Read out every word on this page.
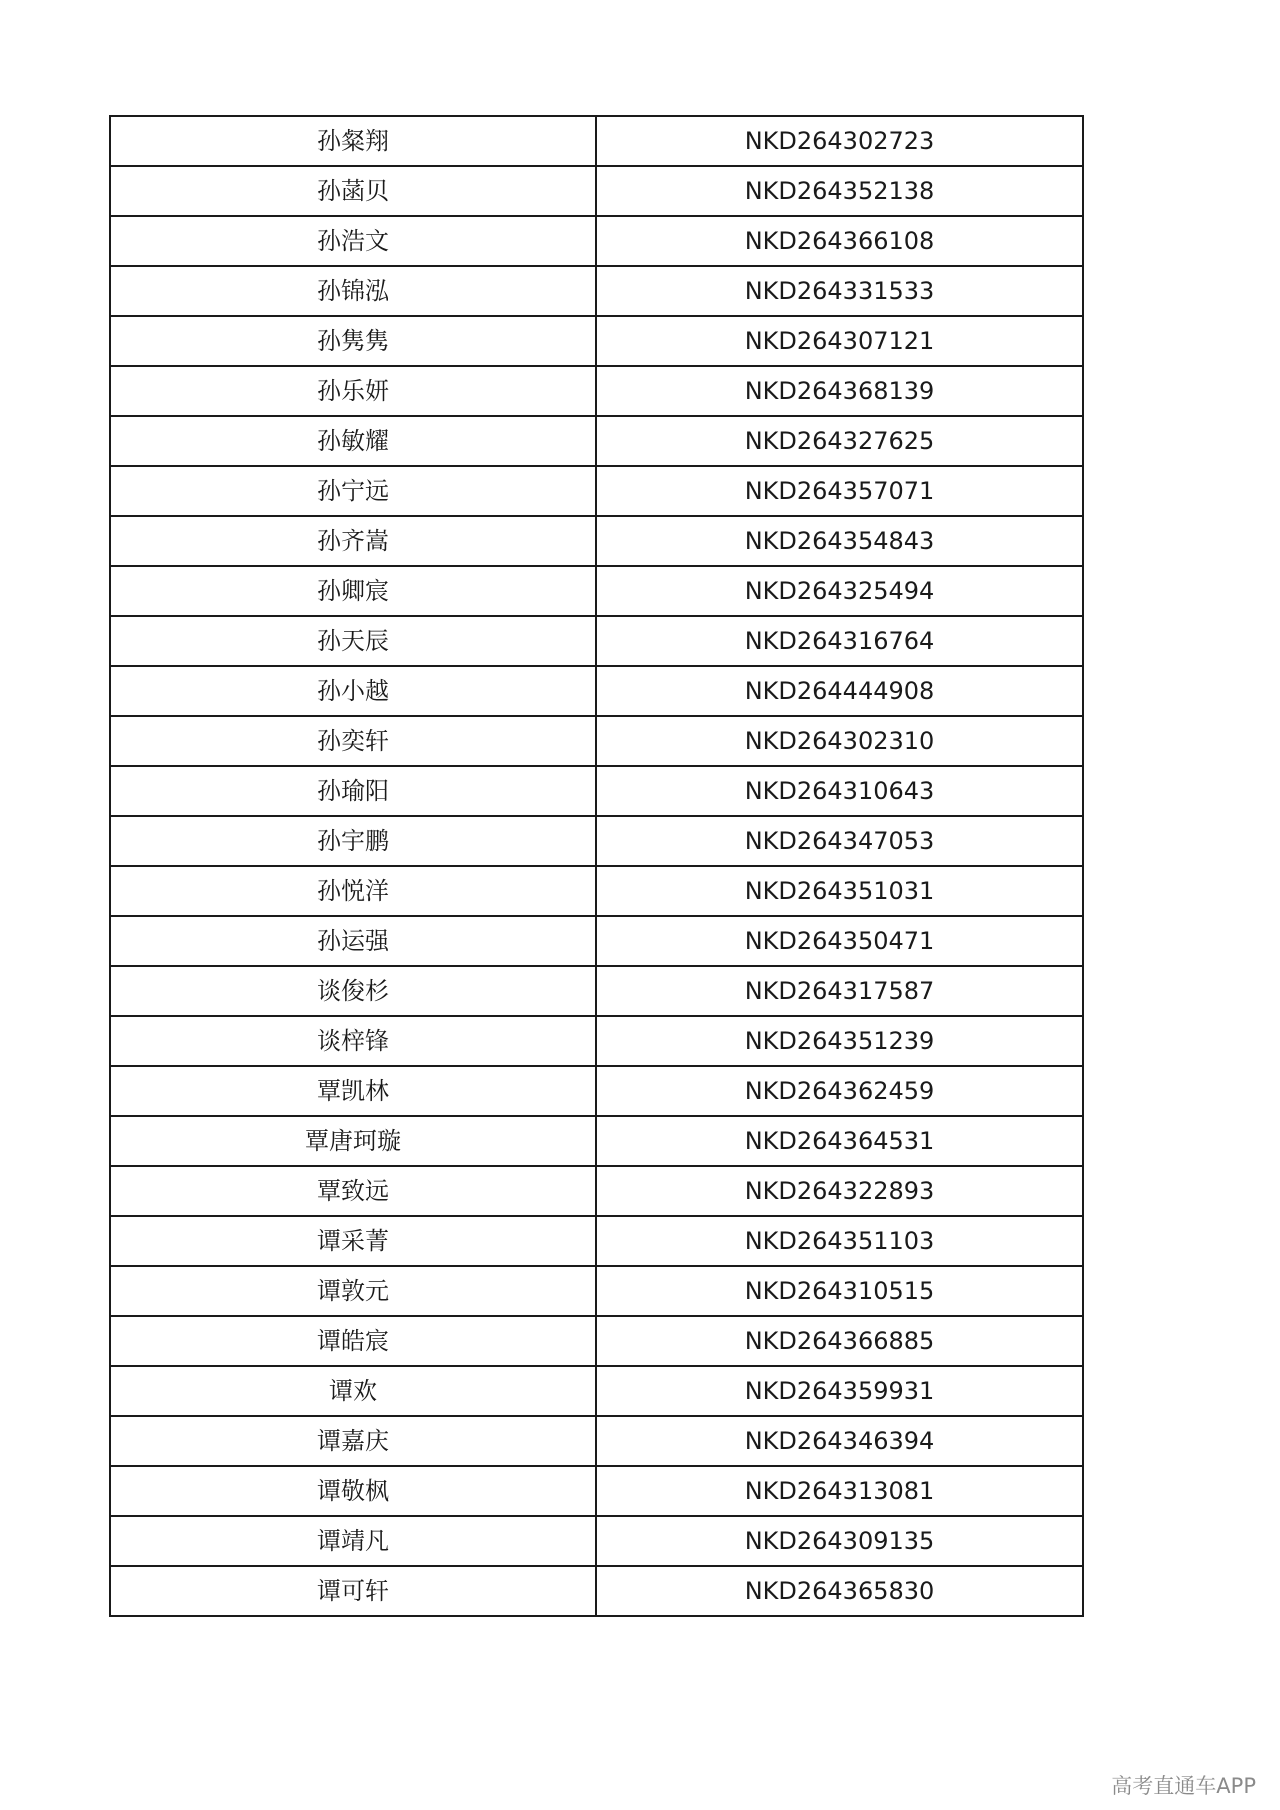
孙粲翔	NKD264302723
孙菡贝	NKD264352138
孙浩文	NKD264366108
孙锦泓	NKD264331533
孙隽隽	NKD264307121
孙乐妍	NKD264368139
孙敏耀	NKD264327625
孙宁远	NKD264357071
孙齐嵩	NKD264354843
孙卿宸	NKD264325494
孙天辰	NKD264316764
孙小越	NKD264444908
孙奕轩	NKD264302310
孙瑜阳	NKD264310643
孙宇鹏	NKD264347053
孙悦洋	NKD264351031
孙运强	NKD264350471
谈俊杉	NKD264317587
谈梓锋	NKD264351239
覃凯林	NKD264362459
覃唐珂璇	NKD264364531
覃致远	NKD264322893
谭采菁	NKD264351103
谭敦元	NKD264310515
谭皓宸	NKD264366885
谭欢	NKD264359931
谭嘉庆	NKD264346394
谭敬枫	NKD264313081
谭靖凡	NKD264309135
谭可轩	NKD264365830
高考直通车APP
